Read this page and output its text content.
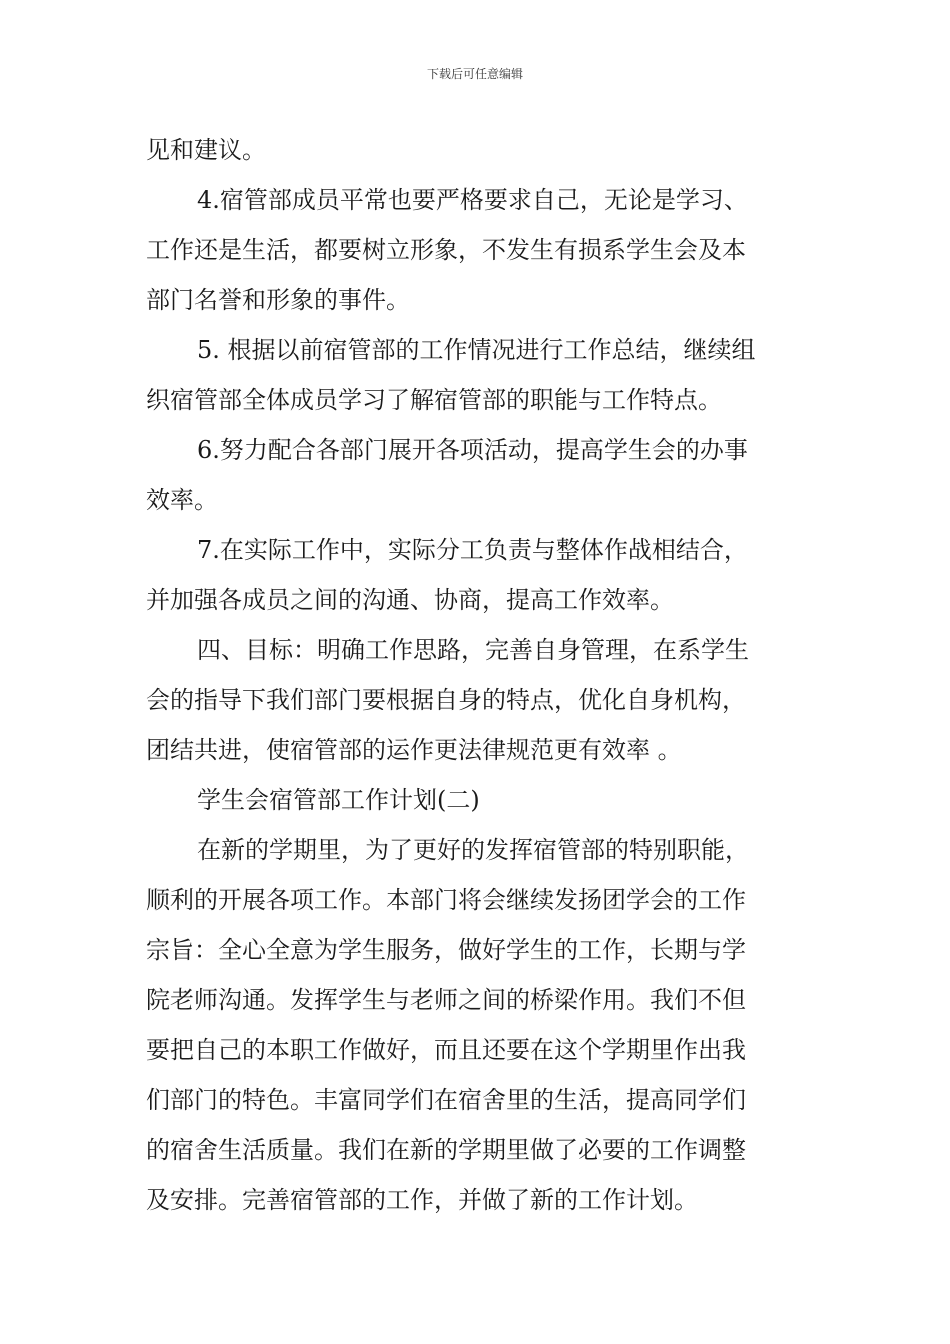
下载后可任意编辑
见和建议。
4.宿管部成员平常也要严格要求自己，无论是学习、
工作还是生活，都要树立形象，不发生有损系学生会及本
部门名誉和形象的事件。
5. 根据以前宿管部的工作情况进行工作总结，继续组
织宿管部全体成员学习了解宿管部的职能与工作特点。
6.努力配合各部门展开各项活动，提高学生会的办事
效率。
7.在实际工作中，实际分工负责与整体作战相结合，
并加强各成员之间的沟通、协商，提高工作效率。
四、目标：明确工作思路，完善自身管理，在系学生
会的指导下我们部门要根据自身的特点，优化自身机构，
团结共进，使宿管部的运作更法律规范更有效率 。
学生会宿管部工作计划(二)
在新的学期里，为了更好的发挥宿管部的特别职能，
顺利的开展各项工作。本部门将会继续发扬团学会的工作
宗旨：全心全意为学生服务，做好学生的工作，长期与学
院老师沟通。发挥学生与老师之间的桥梁作用。我们不但
要把自己的本职工作做好，而且还要在这个学期里作出我
们部门的特色。丰富同学们在宿舍里的生活，提高同学们
的宿舍生活质量。我们在新的学期里做了必要的工作调整
及安排。完善宿管部的工作，并做了新的工作计划。
